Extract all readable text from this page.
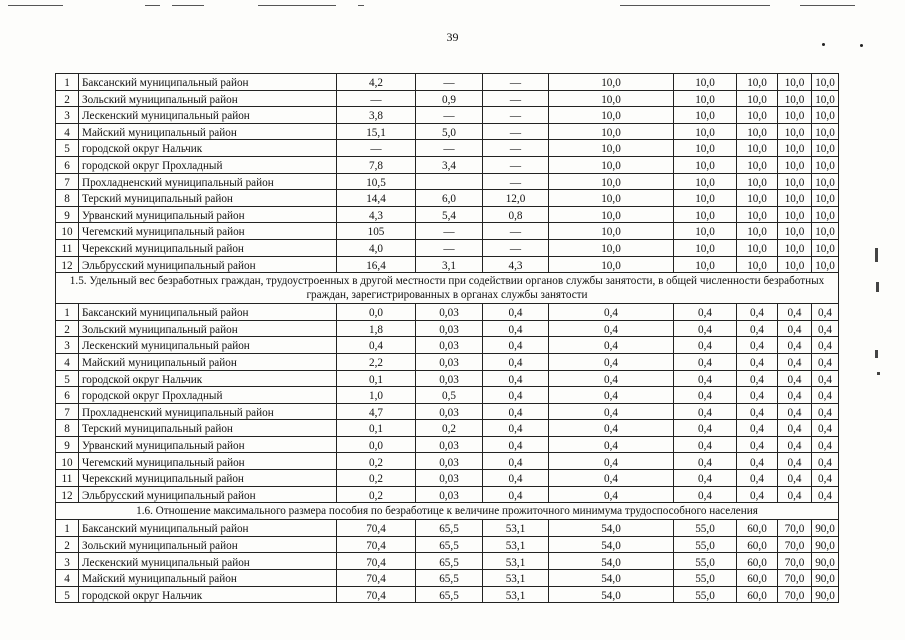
39
1	Баксанский муниципальный район	4,2	—	—	10,0	10,0	10,0	10,0	10,0
2	Зольский муниципальный район	—	0,9	—	10,0	10,0	10,0	10,0	10,0
3	Лескенский муниципальный район	3,8	—	—	10,0	10,0	10,0	10,0	10,0
4	Майский муниципальный район	15,1	5,0	—	10,0	10,0	10,0	10,0	10,0
5	городской округ Нальчик	—	—	—	10,0	10,0	10,0	10,0	10,0
6	городской округ Прохладный	7,8	3,4	—	10,0	10,0	10,0	10,0	10,0
7	Прохладненский муниципальный район	10,5		—	10,0	10,0	10,0	10,0	10,0
8	Терский муниципальный район	14,4	6,0	12,0	10,0	10,0	10,0	10,0	10,0
9	Урванский муниципальный район	4,3	5,4	0,8	10,0	10,0	10,0	10,0	10,0
10	Чегемский муниципальный район	105	—	—	10,0	10,0	10,0	10,0	10,0
11	Черекский муниципальный район	4,0	—	—	10,0	10,0	10,0	10,0	10,0
12	Эльбрусский муниципальный район	16,4	3,1	4,3	10,0	10,0	10,0	10,0	10,0
1.5. Удельный вес безработных граждан, трудоустроенных в другой местности при содействии органов службы занятости, в общей численности безработных граждан, зарегистрированных в органах службы занятости									
1	Баксанский муниципальный район	0,0	0,03	0,4	0,4	0,4	0,4	0,4	0,4
2	Зольский муниципальный район	1,8	0,03	0,4	0,4	0,4	0,4	0,4	0,4
3	Лескенский муниципальный район	0,4	0,03	0,4	0,4	0,4	0,4	0,4	0,4
4	Майский муниципальный район	2,2	0,03	0,4	0,4	0,4	0,4	0,4	0,4
5	городской округ Нальчик	0,1	0,03	0,4	0,4	0,4	0,4	0,4	0,4
6	городской округ Прохладный	1,0	0,5	0,4	0,4	0,4	0,4	0,4	0,4
7	Прохладненский муниципальный район	4,7	0,03	0,4	0,4	0,4	0,4	0,4	0,4
8	Терский муниципальный район	0,1	0,2	0,4	0,4	0,4	0,4	0,4	0,4
9	Урванский муниципальный район	0,0	0,03	0,4	0,4	0,4	0,4	0,4	0,4
10	Чегемский муниципальный район	0,2	0,03	0,4	0,4	0,4	0,4	0,4	0,4
11	Черекский муниципальный район	0,2	0,03	0,4	0,4	0,4	0,4	0,4	0,4
12	Эльбрусский муниципальный район	0,2	0,03	0,4	0,4	0,4	0,4	0,4	0,4
1.6. Отношение максимального размера пособия по безработице к величине прожиточного минимума трудоспособного населения									
1	Баксанский муниципальный район	70,4	65,5	53,1	54,0	55,0	60,0	70,0	90,0
2	Зольский муниципальный район	70,4	65,5	53,1	54,0	55,0	60,0	70,0	90,0
3	Лескенский муниципальный район	70,4	65,5	53,1	54,0	55,0	60,0	70,0	90,0
4	Майский муниципальный район	70,4	65,5	53,1	54,0	55,0	60,0	70,0	90,0
5	городской округ Нальчик	70,4	65,5	53,1	54,0	55,0	60,0	70,0	90,0
